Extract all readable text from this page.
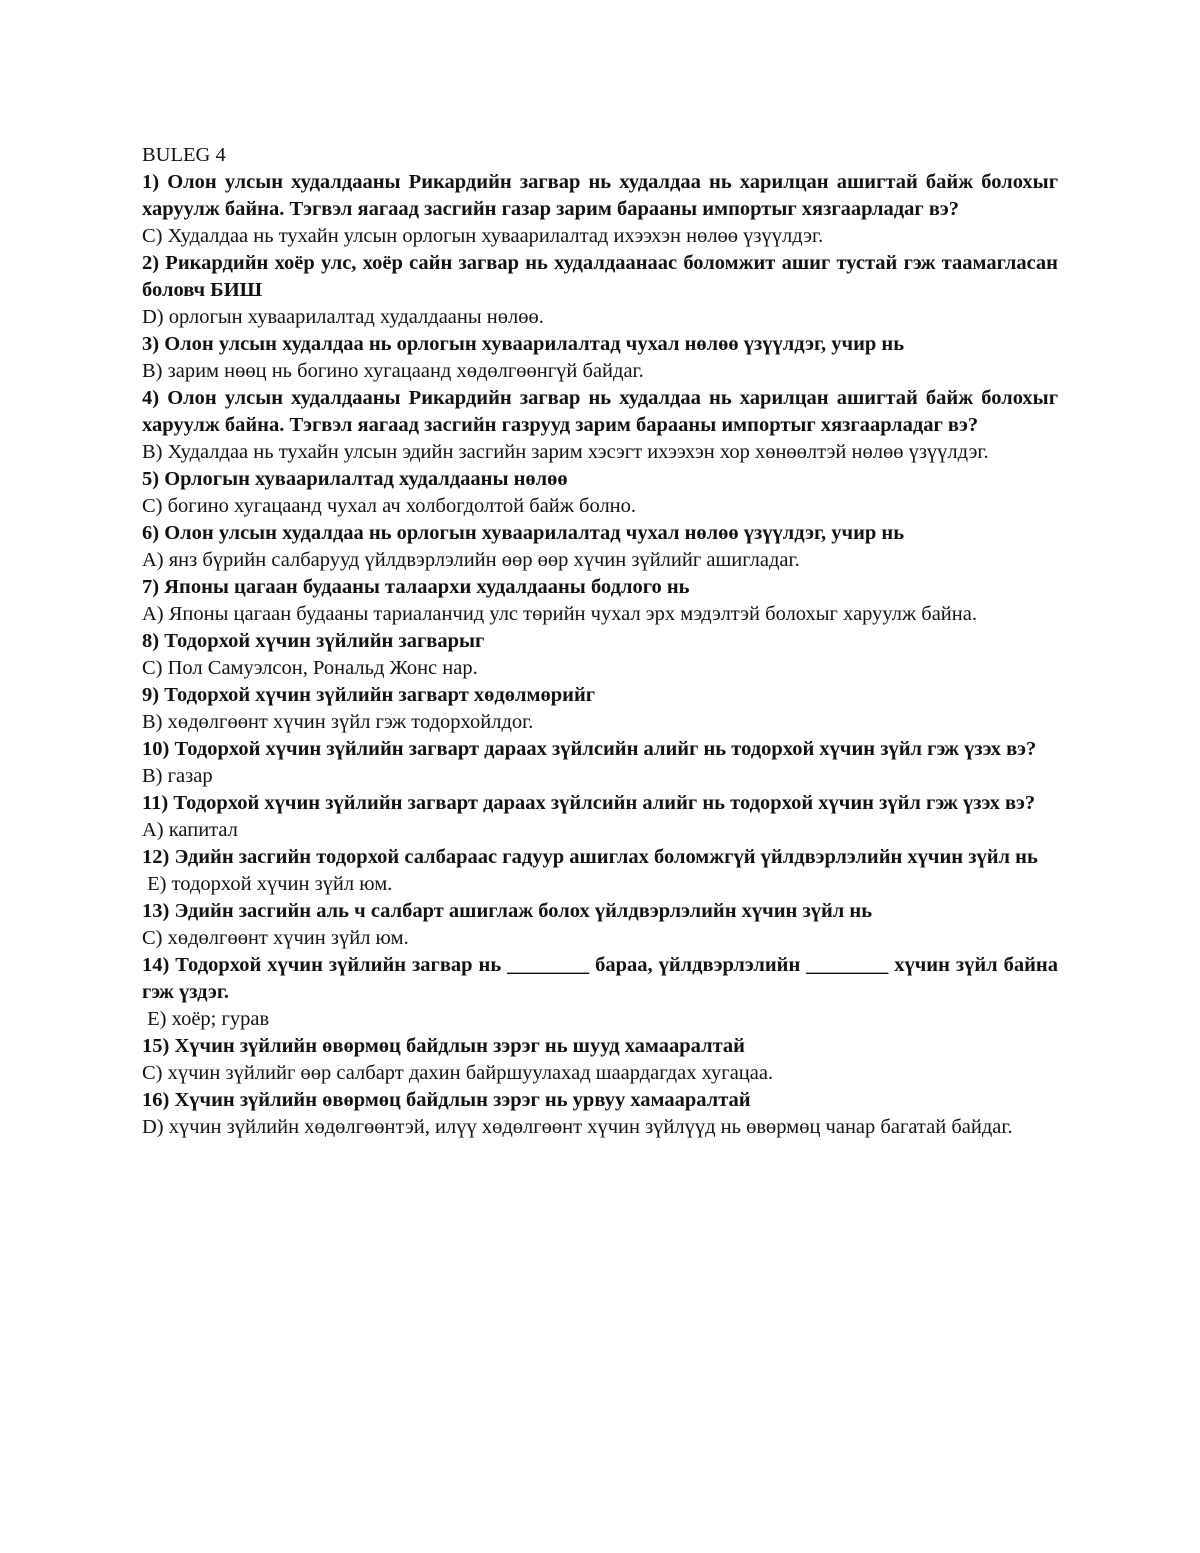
BULEG 4

1) Олон улсын худалдааны Рикардийн загвар нь худалдаа нь харилцан ашигтай байж болохыг харуулж байна. Тэгвэл яагаад засгийн газар зарим барааны импортыг хязгаарладаг вэ?

C) Худалдаа нь тухайн улсын орлогын хуваарилалтад ихээхэн нөлөө үзүүлдэг.

2) Рикардийн хоёр улс, хоёр сайн загвар нь худалдаанаас боломжит ашиг тустай гэж таамагласан боловч БИШ

D) орлогын хуваарилалтад худалдааны нөлөө.

3) Олон улсын худалдаа нь орлогын хуваарилалтад чухал нөлөө үзүүлдэг, учир нь

B) зарим нөөц нь богино хугацаанд хөдөлгөөнгүй байдаг.

4) Олон улсын худалдааны Рикардийн загвар нь худалдаа нь харилцан ашигтай байж болохыг харуулж байна. Тэгвэл яагаад засгийн газрууд зарим барааны импортыг хязгаарладаг вэ?

B) Худалдаа нь тухайн улсын эдийн засгийн зарим хэсэгт ихээхэн хор хөнөөлтэй нөлөө үзүүлдэг.

5) Орлогын хуваарилалтад худалдааны нөлөө

C) богино хугацаанд чухал ач холбогдолтой байж болно.

6) Олон улсын худалдаа нь орлогын хуваарилалтад чухал нөлөө үзүүлдэг, учир нь

A) янз бүрийн салбарууд үйлдвэрлэлийн өөр өөр хүчин зүйлийг ашигладаг.

7) Японы цагаан будааны талаархи худалдааны бодлого нь

A) Японы цагаан будааны тариаланчид улс төрийн чухал эрх мэдэлтэй болохыг харуулж байна.

8) Тодорхой хүчин зүйлийн загварыг

C) Пол Самуэлсон, Рональд Жонс нар.

9) Тодорхой хүчин зүйлийн загварт хөдөлмөрийг

B) хөдөлгөөнт хүчин зүйл гэж тодорхойлдог.

10) Тодорхой хүчин зүйлийн загварт дараах зүйлсийн алийг нь тодорхой хүчин зүйл гэж үзэх вэ?

B) газар

11) Тодорхой хүчин зүйлийн загварт дараах зүйлсийн алийг нь тодорхой хүчин зүйл гэж үзэх вэ?

A) капитал

12) Эдийн засгийн тодорхой салбараас гадуур ашиглах боломжгүй үйлдвэрлэлийн хүчин зүйл нь

E) тодорхой хүчин зүйл юм.

13) Эдийн засгийн аль ч салбарт ашиглаж болох үйлдвэрлэлийн хүчин зүйл нь

C) хөдөлгөөнт хүчин зүйл юм.

14) Тодорхой хүчин зүйлийн загвар нь ________ бараа, үйлдвэрлэлийн ________ хүчин зүйл байна гэж үздэг.

E) хоёр; гурав

15) Хүчин зүйлийн өвөрмөц байдлын зэрэг нь шууд хамааралтай

C) хүчин зүйлийг өөр салбарт дахин байршуулахад шаардагдах хугацаа.

16) Хүчин зүйлийн өвөрмөц байдлын зэрэг нь урвуу хамааралтай

D) хүчин зүйлийн хөдөлгөөнтэй, илүү хөдөлгөөнт хүчин зүйлүүд нь өвөрмөц чанар багатай байдаг.
